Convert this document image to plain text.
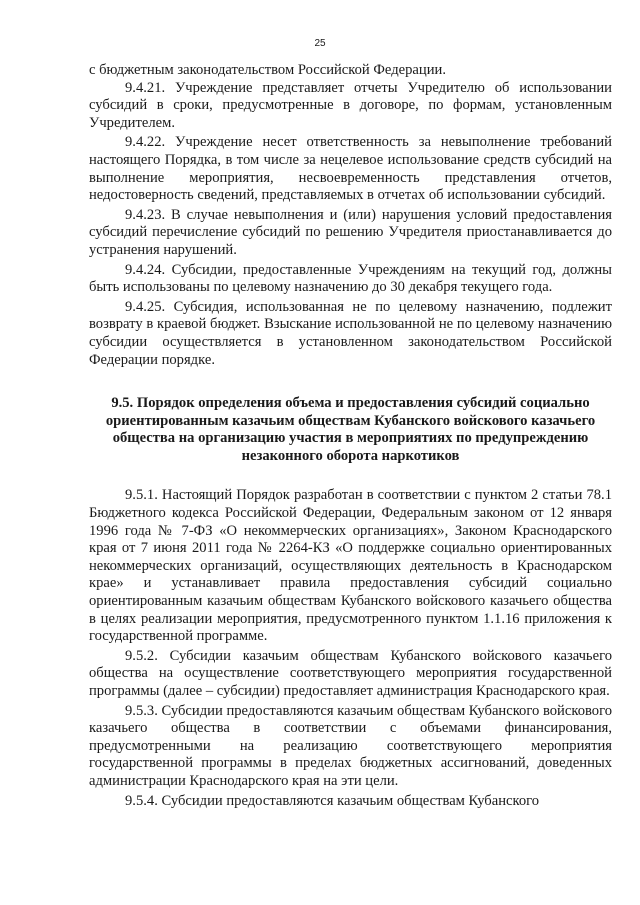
25

с бюджетным законодательством Российской Федерации.

9.4.21. Учреждение представляет отчеты Учредителю об использовании субсидий в сроки, предусмотренные в договоре, по формам, установленным Учредителем.

9.4.22. Учреждение несет ответственность за невыполнение требований настоящего Порядка, в том числе за нецелевое использование средств субсидий на выполнение мероприятия, несвоевременность представления отчетов, недостоверность сведений, представляемых в отчетах об использовании субсидий.

9.4.23. В случае невыполнения и (или) нарушения условий предоставления субсидий перечисление субсидий по решению Учредителя приостанавливается до устранения нарушений.

9.4.24. Субсидии, предоставленные Учреждениям на текущий год, должны быть использованы по целевому назначению до 30 декабря текущего года.

9.4.25. Субсидия, использованная не по целевому назначению, подлежит возврату в краевой бюджет. Взыскание использованной не по целевому назначению субсидии осуществляется в установленном законодательством Российской Федерации порядке.

9.5. Порядок определения объема и предоставления субсидий социально ориентированным казачьим обществам Кубанского войскового казачьего общества на организацию участия в мероприятиях по предупреждению незаконного оборота наркотиков

9.5.1. Настоящий Порядок разработан в соответствии с пунктом 2 статьи 78.1 Бюджетного кодекса Российской Федерации, Федеральным законом от 12 января 1996 года № 7-ФЗ «О некоммерческих организациях», Законом Краснодарского края от 7 июня 2011 года № 2264-КЗ «О поддержке социально ориентированных некоммерческих организаций, осуществляющих деятельность в Краснодарском крае» и устанавливает правила предоставления субсидий социально ориентированным казачьим обществам Кубанского войскового казачьего общества в целях реализации мероприятия, предусмотренного пунктом 1.1.16 приложения к государственной программе.

9.5.2. Субсидии казачьим обществам Кубанского войскового казачьего общества на осуществление соответствующего мероприятия государственной программы (далее – субсидии) предоставляет администрация Краснодарского края.

9.5.3. Субсидии предоставляются казачьим обществам Кубанского войскового казачьего общества в соответствии с объемами финансирования, предусмотренными на реализацию соответствующего мероприятия государственной программы в пределах бюджетных ассигнований, доведенных администрации Краснодарского края на эти цели.

9.5.4. Субсидии предоставляются казачьим обществам Кубанского
